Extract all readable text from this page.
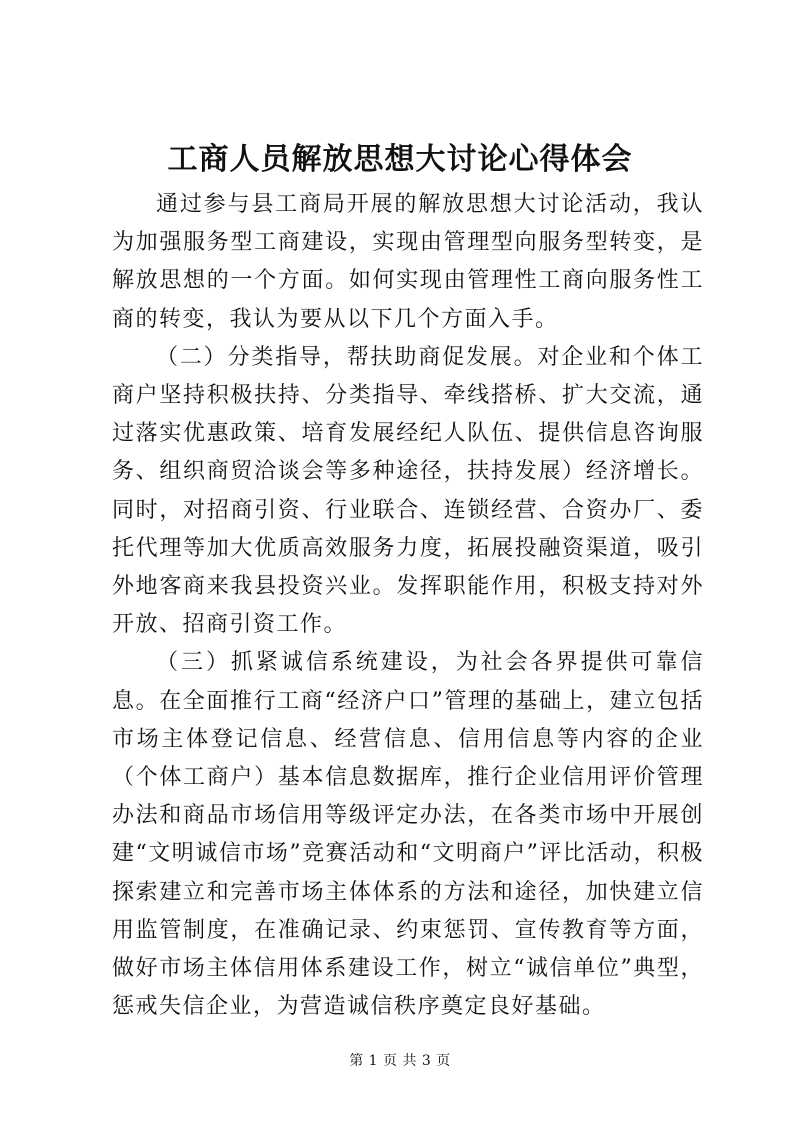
工商人员解放思想大讨论心得体会

通过参与县工商局开展的解放思想大讨论活动，我认为加强服务型工商建设，实现由管理型向服务型转变，是解放思想的一个方面。如何实现由管理性工商向服务性工商的转变，我认为要从以下几个方面入手。

（二）分类指导，帮扶助商促发展。对企业和个体工商户坚持积极扶持、分类指导、牵线搭桥、扩大交流，通过落实优惠政策、培育发展经纪人队伍、提供信息咨询服务、组织商贸洽谈会等多种途径，扶持发展）经济增长。同时，对招商引资、行业联合、连锁经营、合资办厂、委托代理等加大优质高效服务力度，拓展投融资渠道，吸引外地客商来我县投资兴业。发挥职能作用，积极支持对外开放、招商引资工作。

（三）抓紧诚信系统建设，为社会各界提供可靠信息。在全面推行工商“经济户口”管理的基础上，建立包括市场主体登记信息、经营信息、信用信息等内容的企业（个体工商户）基本信息数据库，推行企业信用评价管理办法和商品市场信用等级评定办法，在各类市场中开展创建“文明诚信市场”竞赛活动和“文明商户”评比活动，积极探索建立和完善市场主体体系的方法和途径，加快建立信用监管制度，在准确记录、约束惩罚、宣传教育等方面，做好市场主体信用体系建设工作，树立“诚信单位”典型，惩戒失信企业，为营造诚信秩序奠定良好基础。

第 1 页 共 3 页
